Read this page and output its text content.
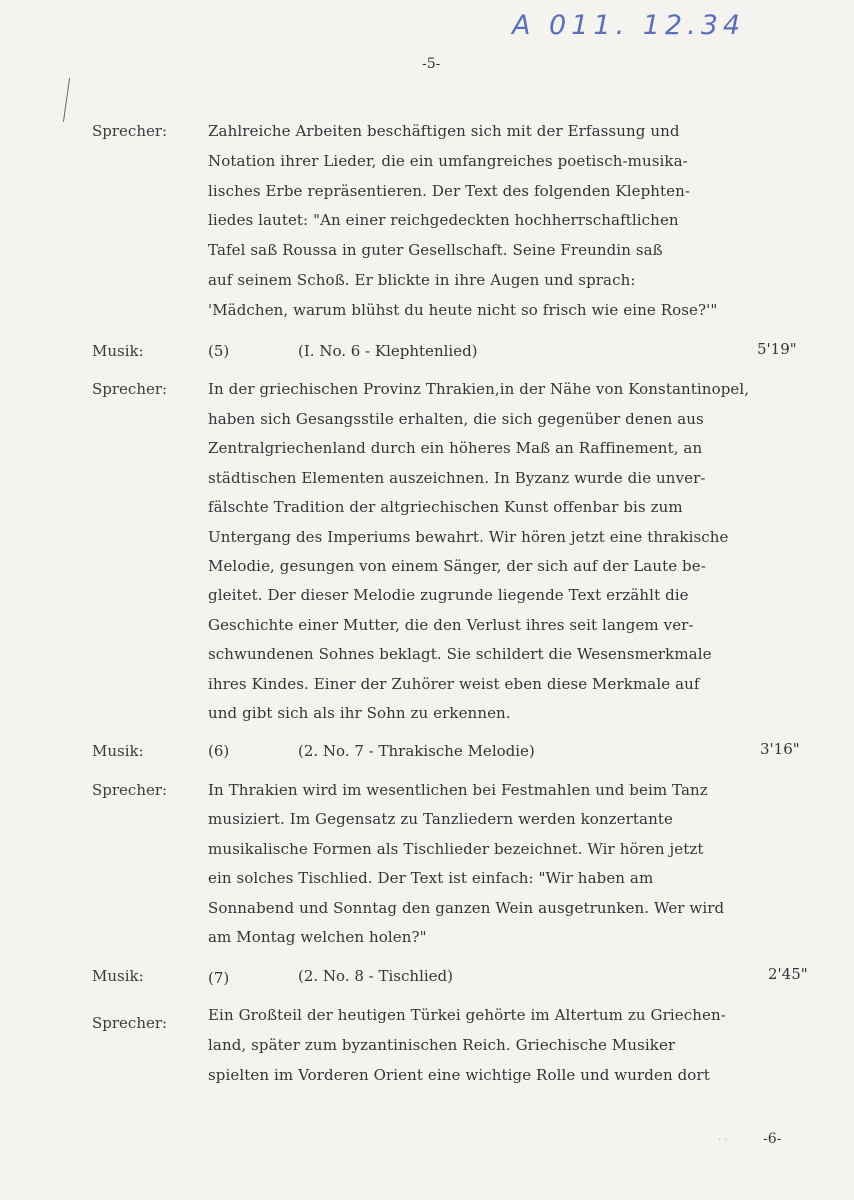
A 011. 12.34
-5-
Sprecher:	Zahlreiche Arbeiten beschäftigen sich mit der Erfassung und
Notation ihrer Lieder, die ein umfangreiches poetisch-musika-
lisches Erbe repräsentieren. Der Text des folgenden Klephten-
liedes lautet: "An einer reichgedeckten hochherrschaftlichen
Tafel saß Roussa in guter Gesellschaft. Seine Freundin saß
auf seinem Schoß. Er blickte in ihre Augen und sprach:
'Mädchen, warum blühst du heute nicht so frisch wie eine Rose?'"
Musik:	(5)	(I. No. 6 - Klephtenlied)	5'19"
Sprecher:	In der griechischen Provinz Thrakien,in der Nähe von Konstantinopel,
haben sich Gesangsstile erhalten, die sich gegenüber denen aus
Zentralgriechenland durch ein höheres Maß an Raffinement, an
städtischen Elementen auszeichnen. In Byzanz wurde die unver-
fälschte Tradition der altgriechischen Kunst offenbar bis zum
Untergang des Imperiums bewahrt. Wir hören jetzt eine thrakische
Melodie, gesungen von einem Sänger, der sich auf der Laute be-
gleitet. Der dieser Melodie zugrunde liegende Text erzählt die
Geschichte einer Mutter, die den Verlust ihres seit langem ver-
schwundenen Sohnes beklagt. Sie schildert die Wesensmerkmale
ihres Kindes. Einer der Zuhörer weist eben diese Merkmale auf
und gibt sich als ihr Sohn zu erkennen.
Musik:	(6)	(2. No. 7 - Thrakische Melodie)	3'16"
Sprecher:	In Thrakien wird im wesentlichen bei Festmahlen und beim Tanz
musiziert. Im Gegensatz zu Tanzliedern werden konzertante
musikalische Formen als Tischlieder bezeichnet. Wir hören jetzt
ein solches Tischlied. Der Text ist einfach: "Wir haben am
Sonnabend und Sonntag den ganzen Wein ausgetrunken. Wer wird
am Montag welchen holen?"
Musik:	(7)	(2. No. 8 - Tischlied)	2'45"
Sprecher:	Ein Großteil der heutigen Türkei gehörte im Altertum zu Griechen-
land, später zum byzantinischen Reich. Griechische Musiker
spielten im Vorderen Orient eine wichtige Rolle und wurden dort
· ·	-6-
